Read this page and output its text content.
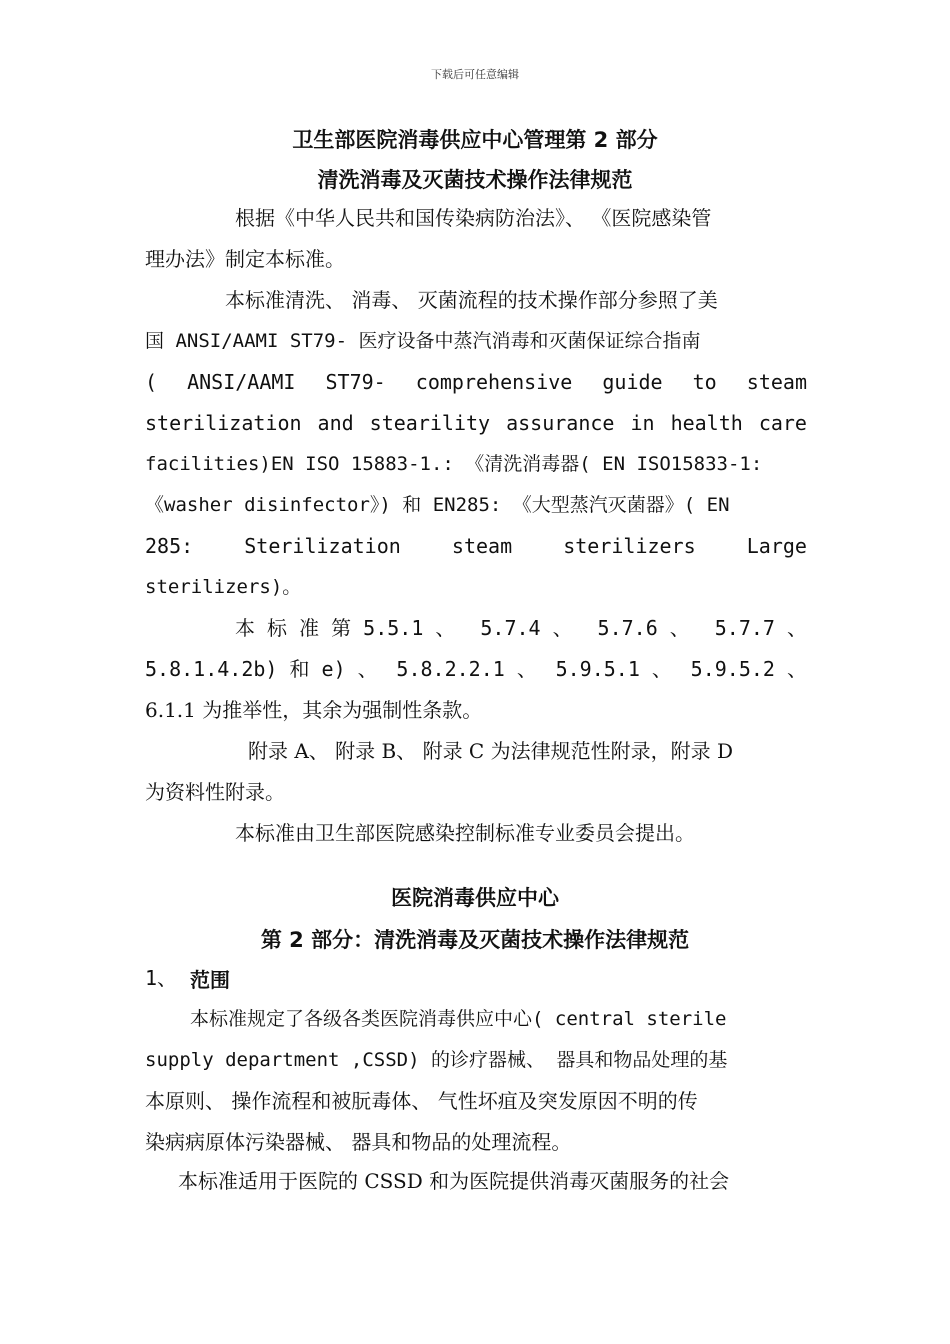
下载后可任意编辑
卫生部医院消毒供应中心管理第 2 部分
清洗消毒及灭菌技术操作法律规范
根据《中华人民共和国传染病防治法》、 《医院感染管
理办法》制定本标准。
本标准清洗、 消毒、 灭菌流程的技术操作部分参照了美
国 ANSI/AAMI ST79- 医疗设备中蒸汽消毒和灭菌保证综合指南
( ANSI/AAMI ST79- comprehensive guide to steam
sterilization and stearility assurance in health care
facilities)EN ISO 15883-1.: 《清洗消毒器( EN ISO15833-1:
《washer disinfector》) 和 EN285: 《大型蒸汽灭菌器》( EN
285:	Sterilization	steam	sterilizers	Large
sterilizers)。
本 标 准 第 5.5.1 、 5.7.4 、 5.7.6 、 5.7.7 、
5.8.1.4.2b) 和 e) 、 5.8.2.2.1 、 5.9.5.1 、 5.9.5.2 、
6.1.1 为推举性，其余为强制性条款。
附录 A、 附录 B、 附录 C 为法律规范性附录，附录 D
为资料性附录。
本标准由卫生部医院感染控制标准专业委员会提出。
医院消毒供应中心
第 2 部分：清洗消毒及灭菌技术操作法律规范
1、 范围
本标准规定了各级各类医院消毒供应中心( central sterile
supply department ,CSSD) 的诊疗器械、 器具和物品处理的基
本原则、 操作流程和被朊毒体、 气性坏疽及突发原因不明的传
染病病原体污染器械、 器具和物品的处理流程。
本标准适用于医院的 CSSD 和为医院提供消毒灭菌服务的社会
